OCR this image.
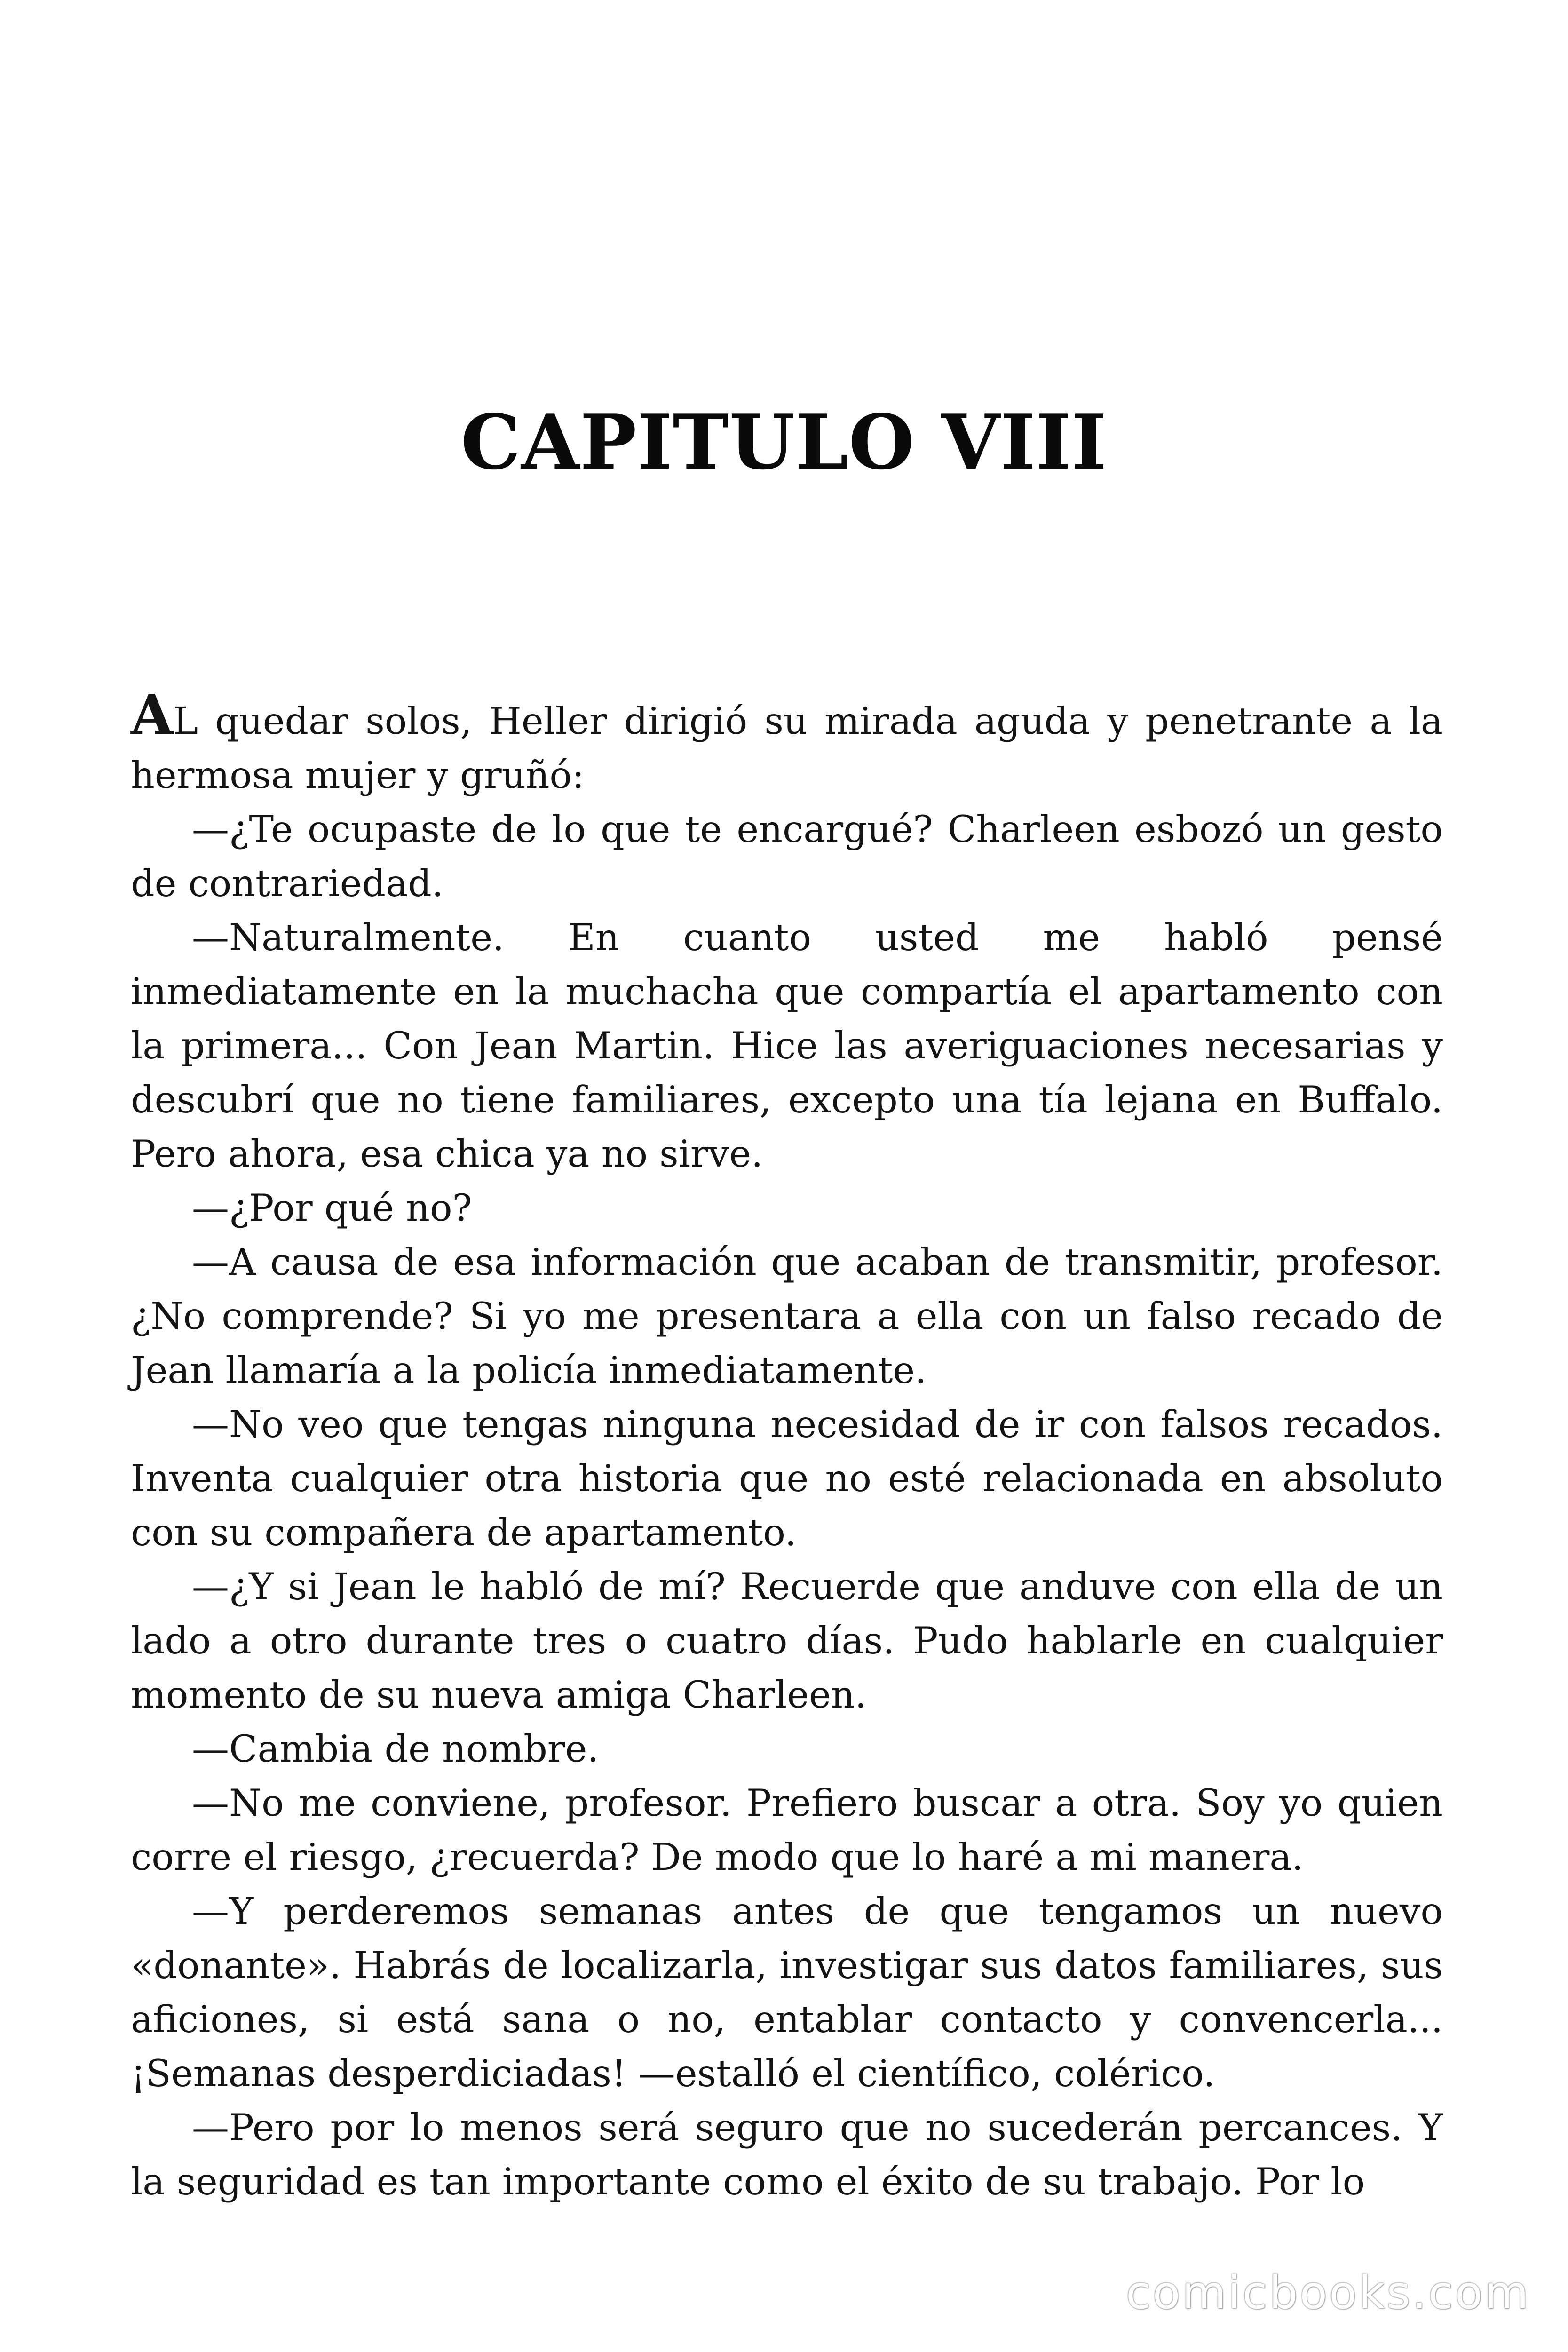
CAPITULO VIII

AL quedar solos, Heller dirigió su mirada aguda y penetrante a la hermosa mujer y gruñó:

—¿Te ocupaste de lo que te encargué? Charleen esbozó un gesto de contrariedad.

—Naturalmente. En cuanto usted me habló pensé inmediatamente en la muchacha que compartía el apartamento con la primera... Con Jean Martin. Hice las averiguaciones necesarias y descubrí que no tiene familiares, excepto una tía lejana en Buffalo. Pero ahora, esa chica ya no sirve.

—¿Por qué no?

—A causa de esa información que acaban de transmitir, profesor. ¿No comprende? Si yo me presentara a ella con un falso recado de Jean llamaría a la policía inmediatamente.

—No veo que tengas ninguna necesidad de ir con falsos recados. Inventa cualquier otra historia que no esté relacionada en absoluto con su compañera de apartamento.

—¿Y si Jean le habló de mí? Recuerde que anduve con ella de un lado a otro durante tres o cuatro días. Pudo hablarle en cualquier momento de su nueva amiga Charleen.

—Cambia de nombre.

—No me conviene, profesor. Prefiero buscar a otra. Soy yo quien corre el riesgo, ¿recuerda? De modo que lo haré a mi manera.

—Y perderemos semanas antes de que tengamos un nuevo «donante». Habrás de localizarla, investigar sus datos familiares, sus aficiones, si está sana o no, entablar contacto y convencerla... ¡Semanas desperdiciadas! —estalló el científico, colérico.

—Pero por lo menos será seguro que no sucederán percances. Y la seguridad es tan importante como el éxito de su trabajo. Por lo

comicbooks.com
